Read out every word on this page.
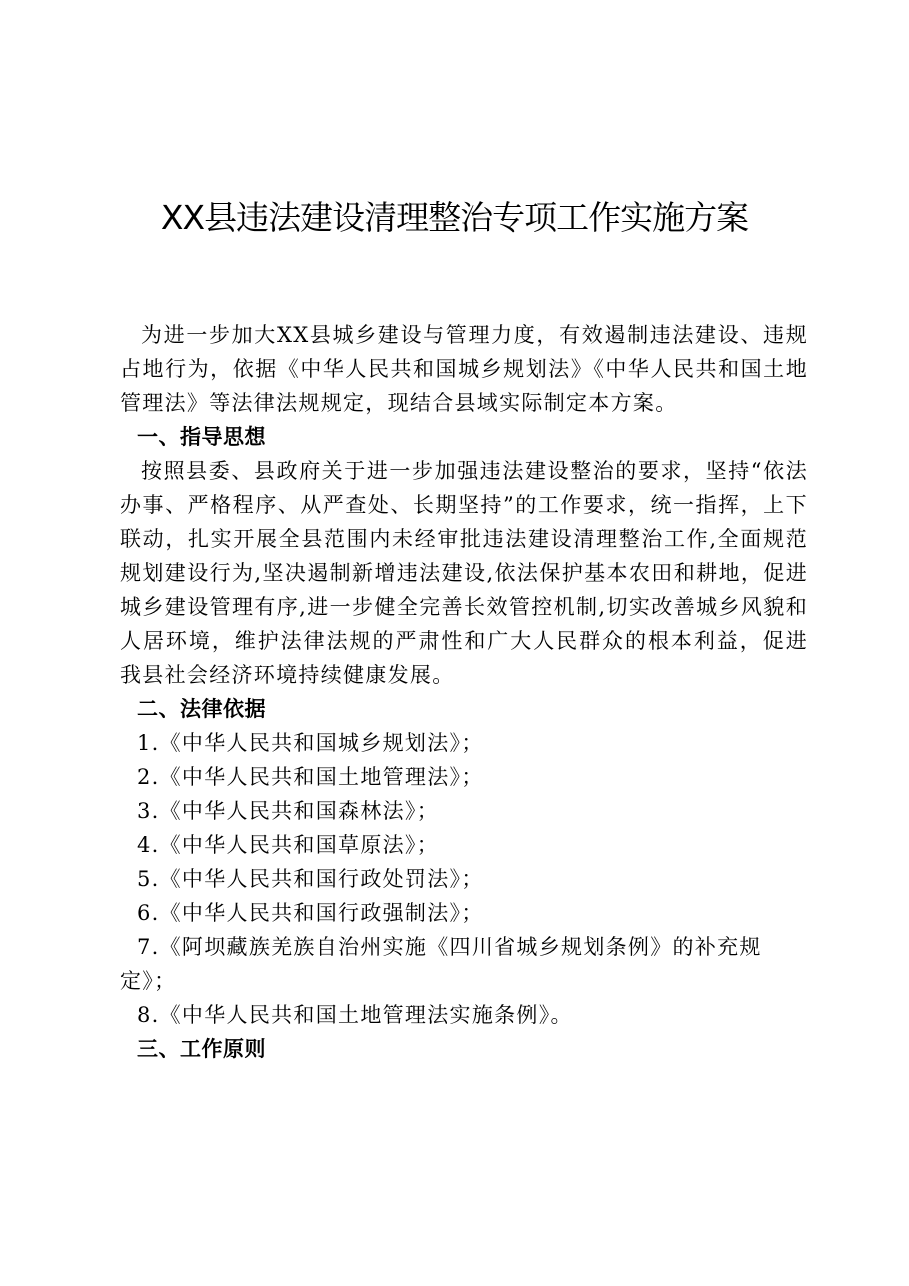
XX县违法建设清理整治专项工作实施方案

为进一步加大XX县城乡建设与管理力度，有效遏制违法建设、违规占地行为，依据《中华人民共和国城乡规划法》《中华人民共和国土地管理法》等法律法规规定，现结合县域实际制定本方案。

一、指导思想

按照县委、县政府关于进一步加强违法建设整治的要求，坚持“依法办事、严格程序、从严查处、长期坚持”的工作要求，统一指挥，上下联动，扎实开展全县范围内未经审批违法建设清理整治工作,全面规范规划建设行为,坚决遏制新增违法建设,依法保护基本农田和耕地，促进城乡建设管理有序,进一步健全完善长效管控机制,切实改善城乡风貌和人居环境，维护法律法规的严肃性和广大人民群众的根本利益，促进我县社会经济环境持续健康发展。

二、法律依据

1.《中华人民共和国城乡规划法》；
2.《中华人民共和国土地管理法》；
3.《中华人民共和国森林法》；
4.《中华人民共和国草原法》；
5.《中华人民共和国行政处罚法》；
6.《中华人民共和国行政强制法》；
7.《阿坝藏族羌族自治州实施《四川省城乡规划条例》的补充规定》；
8.《中华人民共和国土地管理法实施条例》。

三、工作原则
